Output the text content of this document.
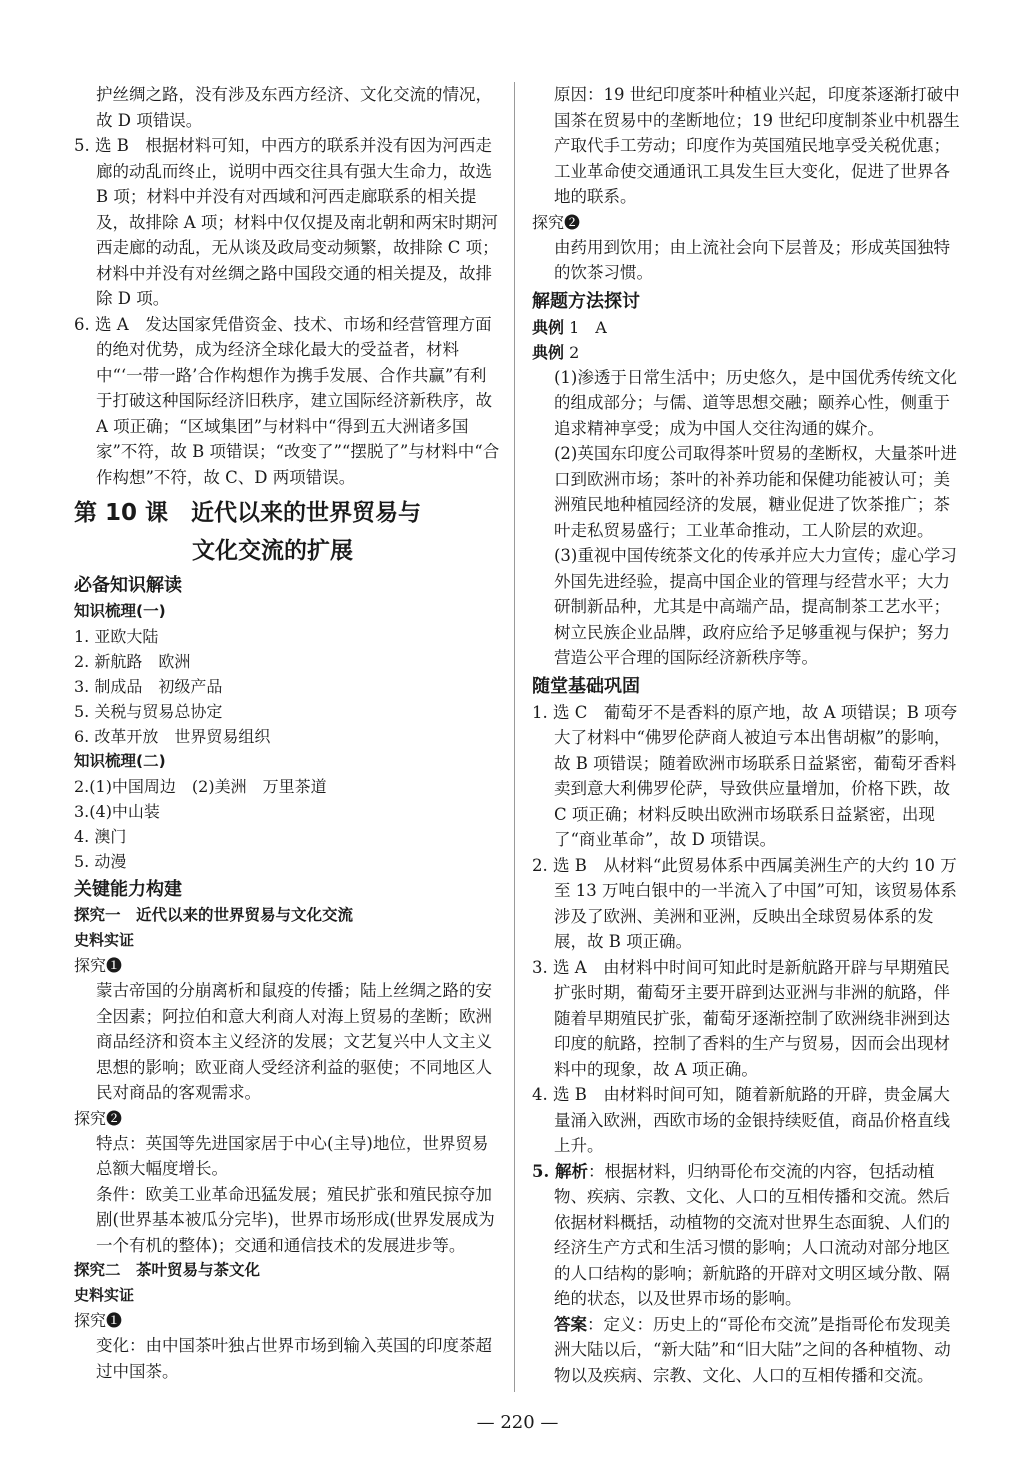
护丝绸之路，没有涉及东西方经济、文化交流的情况，故 D 项错误。

5. 选 B　根据材料可知，中西方的联系并没有因为河西走廊的动乱而终止，说明中西交往具有强大生命力，故选 B 项；材料中并没有对西域和河西走廊联系的相关提及，故排除 A 项；材料中仅仅提及南北朝和两宋时期河西走廊的动乱，无从谈及政局变动频繁，故排除 C 项；材料中并没有对丝绸之路中国段交通的相关提及，故排除 D 项。

6. 选 A　发达国家凭借资金、技术、市场和经营管理方面的绝对优势，成为经济全球化最大的受益者，材料中“‘一带一路’合作构想作为携手发展、合作共赢”有利于打破这种国际经济旧秩序，建立国际经济新秩序，故 A 项正确；“区域集团”与材料中“得到五大洲诸多国家”不符，故 B 项错误；“改变了”“摆脱了”与材料中“合作构想”不符，故 C、D 两项错误。

第 10 课　近代以来的世界贸易与
文化交流的扩展
必备知识解读
知识梳理(一)

1. 亚欧大陆

2. 新航路　欧洲

3. 制成品　初级产品

5. 关税与贸易总协定

6. 改革开放　世界贸易组织

知识梳理(二)

2.(1)中国周边　(2)美洲　万里茶道

3.(4)中山装

4. 澳门

5. 动漫

关键能力构建
探究一　近代以来的世界贸易与文化交流
史料实证
探究❶

蒙古帝国的分崩离析和鼠疫的传播；陆上丝绸之路的安全因素；阿拉伯和意大利商人对海上贸易的垄断；欧洲商品经济和资本主义经济的发展；文艺复兴中人文主义思想的影响；欧亚商人受经济利益的驱使；不同地区人民对商品的客观需求。

探究❷

特点：英国等先进国家居于中心(主导)地位，世界贸易总额大幅度增长。

条件：欧美工业革命迅猛发展；殖民扩张和殖民掠夺加剧(世界基本被瓜分完毕)，世界市场形成(世界发展成为一个有机的整体)；交通和通信技术的发展进步等。

探究二　茶叶贸易与茶文化
史料实证
探究❶

变化：由中国茶叶独占世界市场到输入英国的印度茶超过中国茶。

原因：19 世纪印度茶叶种植业兴起，印度茶逐渐打破中国茶在贸易中的垄断地位；19 世纪印度制茶业中机器生产取代手工劳动；印度作为英国殖民地享受关税优惠；工业革命使交通通讯工具发生巨大变化，促进了世界各地的联系。

探究❷

由药用到饮用；由上流社会向下层普及；形成英国独特的饮茶习惯。

解题方法探讨
典例 1　A
典例 2

(1)渗透于日常生活中；历史悠久，是中国优秀传统文化的组成部分；与儒、道等思想交融；颐养心性，侧重于追求精神享受；成为中国人交往沟通的媒介。

(2)英国东印度公司取得茶叶贸易的垄断权，大量茶叶进口到欧洲市场；茶叶的补养功能和保健功能被认可；美洲殖民地种植园经济的发展，糖业促进了饮茶推广；茶叶走私贸易盛行；工业革命推动，工人阶层的欢迎。

(3)重视中国传统茶文化的传承并应大力宣传；虚心学习外国先进经验，提高中国企业的管理与经营水平；大力研制新品种，尤其是中高端产品，提高制茶工艺水平；树立民族企业品牌，政府应给予足够重视与保护；努力营造公平合理的国际经济新秩序等。

随堂基础巩固

1. 选 C　葡萄牙不是香料的原产地，故 A 项错误；B 项夸大了材料中“佛罗伦萨商人被迫亏本出售胡椒”的影响，故 B 项错误；随着欧洲市场联系日益紧密，葡萄牙香料卖到意大利佛罗伦萨，导致供应量增加，价格下跌，故 C 项正确；材料反映出欧洲市场联系日益紧密，出现了“商业革命”，故 D 项错误。

2. 选 B　从材料“此贸易体系中西属美洲生产的大约 10 万至 13 万吨白银中的一半流入了中国”可知，该贸易体系涉及了欧洲、美洲和亚洲，反映出全球贸易体系的发展，故 B 项正确。

3. 选 A　由材料中时间可知此时是新航路开辟与早期殖民扩张时期，葡萄牙主要开辟到达亚洲与非洲的航路，伴随着早期殖民扩张，葡萄牙逐渐控制了欧洲绕非洲到达印度的航路，控制了香料的生产与贸易，因而会出现材料中的现象，故 A 项正确。

4. 选 B　由材料时间可知，随着新航路的开辟，贵金属大量涌入欧洲，西欧市场的金银持续贬值，商品价格直线上升。

5. 解析：根据材料，归纳哥伦布交流的内容，包括动植物、疾病、宗教、文化、人口的互相传播和交流。然后依据材料概括，动植物的交流对世界生态面貌、人们的经济生产方式和生活习惯的影响；人口流动对部分地区的人口结构的影响；新航路的开辟对文明区域分散、隔绝的状态，以及世界市场的影响。

答案：定义：历史上的“哥伦布交流”是指哥伦布发现美洲大陆以后，“新大陆”和“旧大陆”之间的各种植物、动物以及疾病、宗教、文化、人口的互相传播和交流。

— 220 —
